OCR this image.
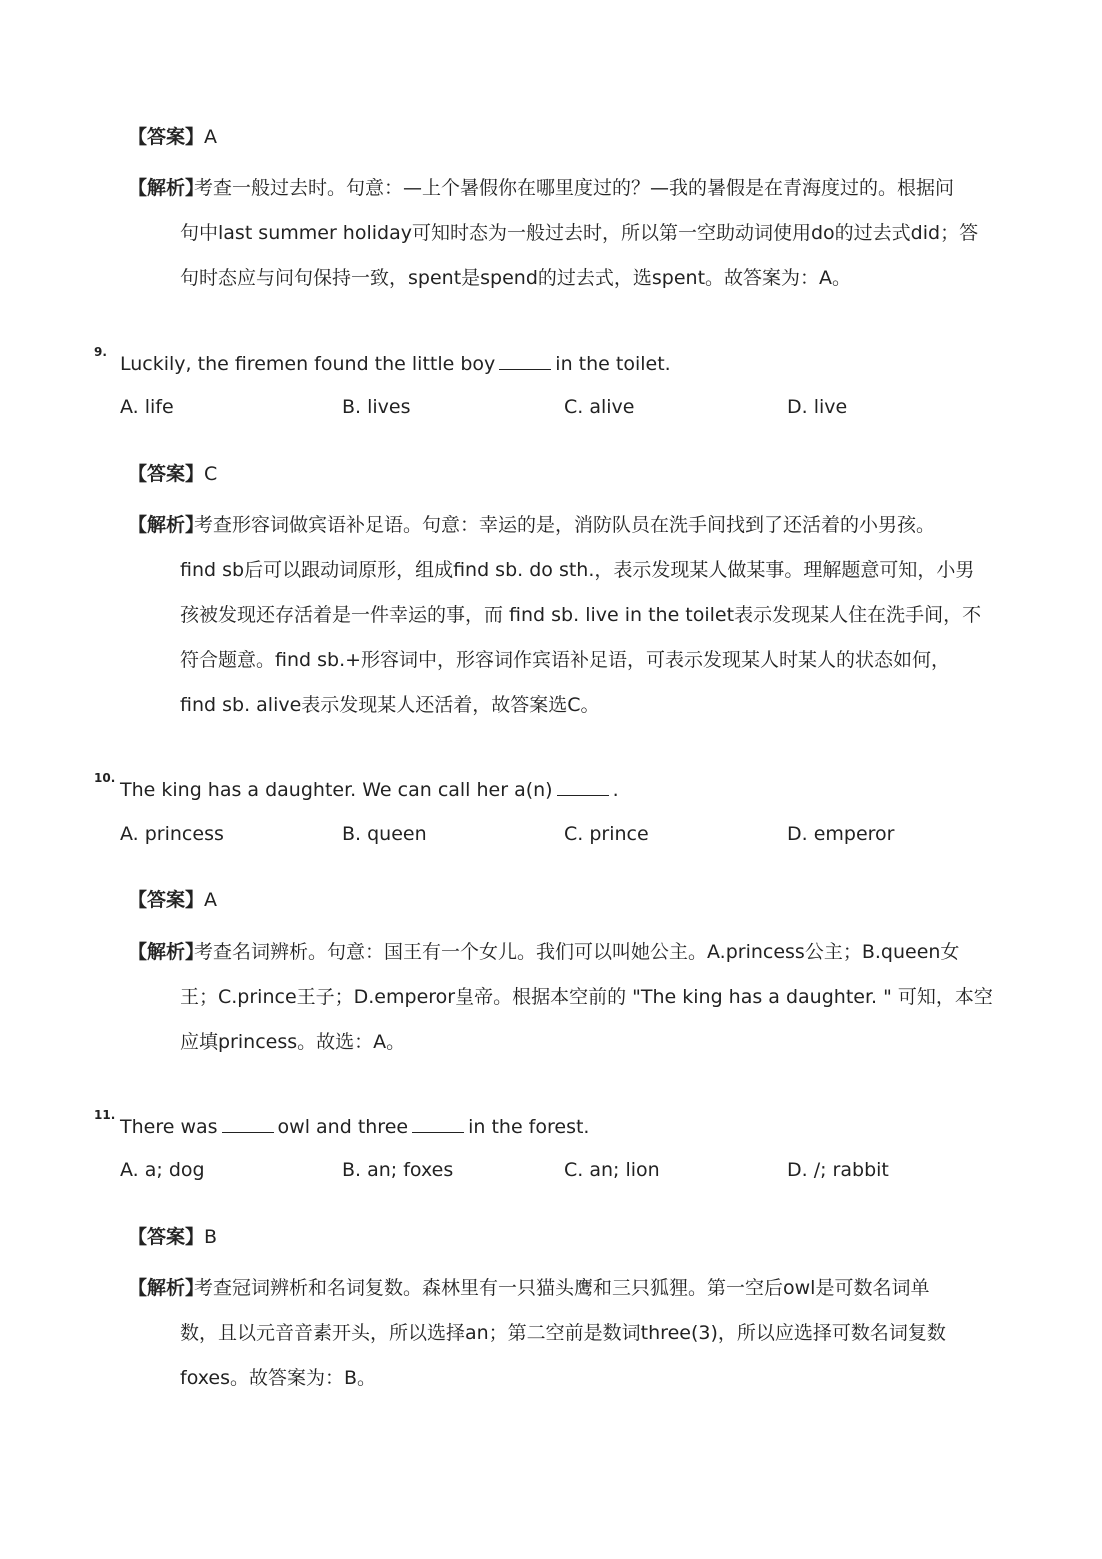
【答案】A
【解析】
考查一般过去时。句意：—上个暑假你在哪里度过的？—我的暑假是在青海度过的。根据问
句中last summer holiday可知时态为一般过去时，所以第一空助动词使用do的过去式did；答
句时态应与问句保持一致，spent是spend的过去式，选spent。故答案为：A。
9.Luckily, the firemen found the little boy	in the toilet.
A. life	B. lives	C. alive	D. live
【答案】C
【解析】
考查形容词做宾语补足语。句意：幸运的是，消防队员在洗手间找到了还活着的小男孩。
find sb后可以跟动词原形，组成find sb. do sth.，表示发现某人做某事。理解题意可知，小男
孩被发现还存活着是一件幸运的事，而 find sb. live in the toilet表示发现某人住在洗手间，不
符合题意。find sb.+形容词中，形容词作宾语补足语，可表示发现某人时某人的状态如何，
find sb. alive表示发现某人还活着，故答案选C。
10.The king has a daughter. We can call her a(n)	.
A. princess	B. queen	C. prince	D. emperor
【答案】A
【解析】
考查名词辨析。句意：国王有一个女儿。我们可以叫她公主。A.princess公主；B.queen女
王；C.prince王子；D.emperor皇帝。根据本空前的 "The king has a daughter. " 可知，本空
应填princess。故选：A。
11.There was	owl and three	in the forest.
A. a; dog	B. an; foxes	C. an; lion	D. /; rabbit
【答案】B
【解析】
考查冠词辨析和名词复数。森林里有一只猫头鹰和三只狐狸。第一空后owl是可数名词单
数，且以元音音素开头，所以选择an；第二空前是数词three(3)，所以应选择可数名词复数
foxes。故答案为：B。
